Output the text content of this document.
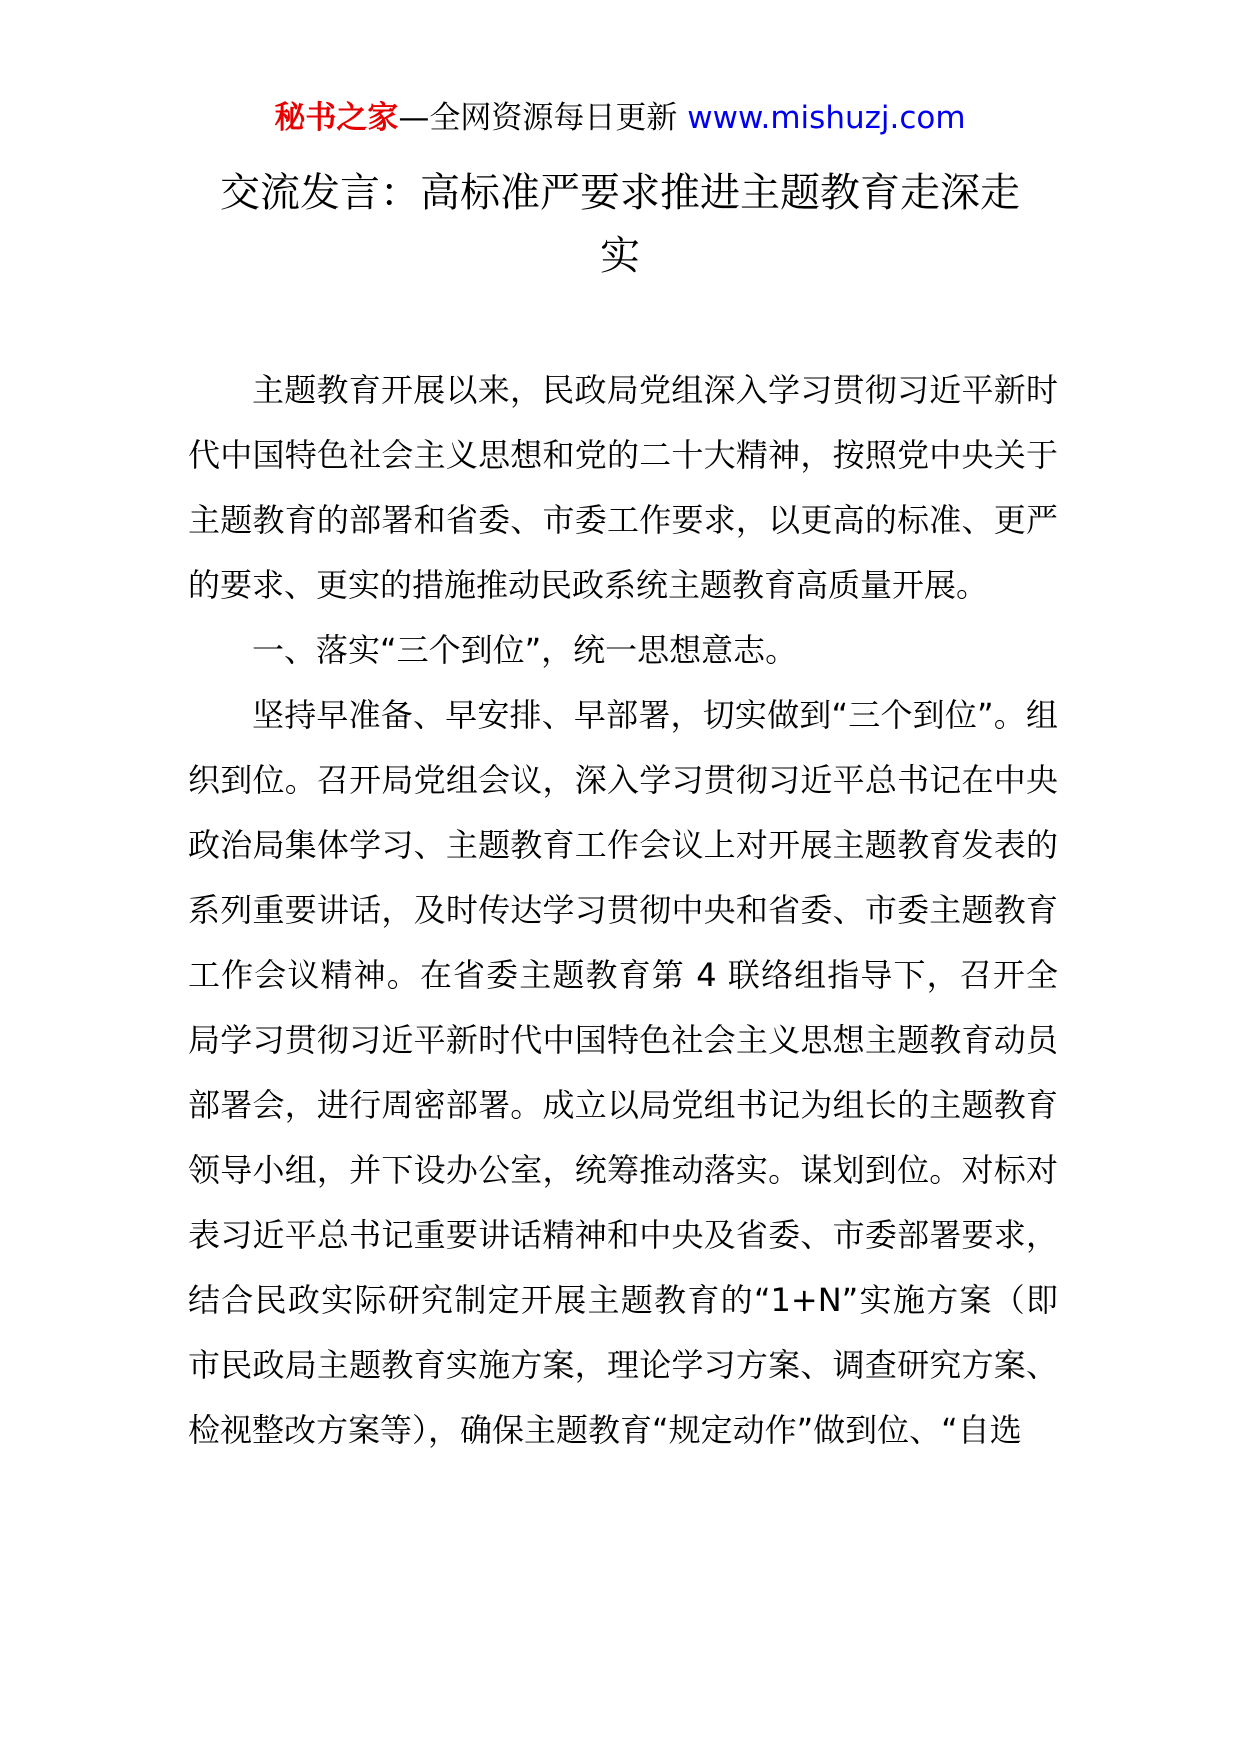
秘书之家—全网资源每日更新 www.mishuzj.com
交流发言：高标准严要求推进主题教育走深走
实

主题教育开展以来，民政局党组深入学习贯彻习近平新时代中国特色社会主义思想和党的二十大精神，按照党中央关于主题教育的部署和省委、市委工作要求，以更高的标准、更严的要求、更实的措施推动民政系统主题教育高质量开展。

一、落实“三个到位”，统一思想意志。

坚持早准备、早安排、早部署，切实做到“三个到位”。组织到位。召开局党组会议，深入学习贯彻习近平总书记在中央政治局集体学习、主题教育工作会议上对开展主题教育发表的系列重要讲话，及时传达学习贯彻中央和省委、市委主题教育工作会议精神。在省委主题教育第 4 联络组指导下，召开全局学习贯彻习近平新时代中国特色社会主义思想主题教育动员部署会，进行周密部署。成立以局党组书记为组长的主题教育领导小组，并下设办公室，统筹推动落实。谋划到位。对标对表习近平总书记重要讲话精神和中央及省委、市委部署要求，结合民政实际研究制定开展主题教育的“1+N”实施方案（即市民政局主题教育实施方案，理论学习方案、调查研究方案、检视整改方案等），确保主题教育“规定动作”做到位、“自选
